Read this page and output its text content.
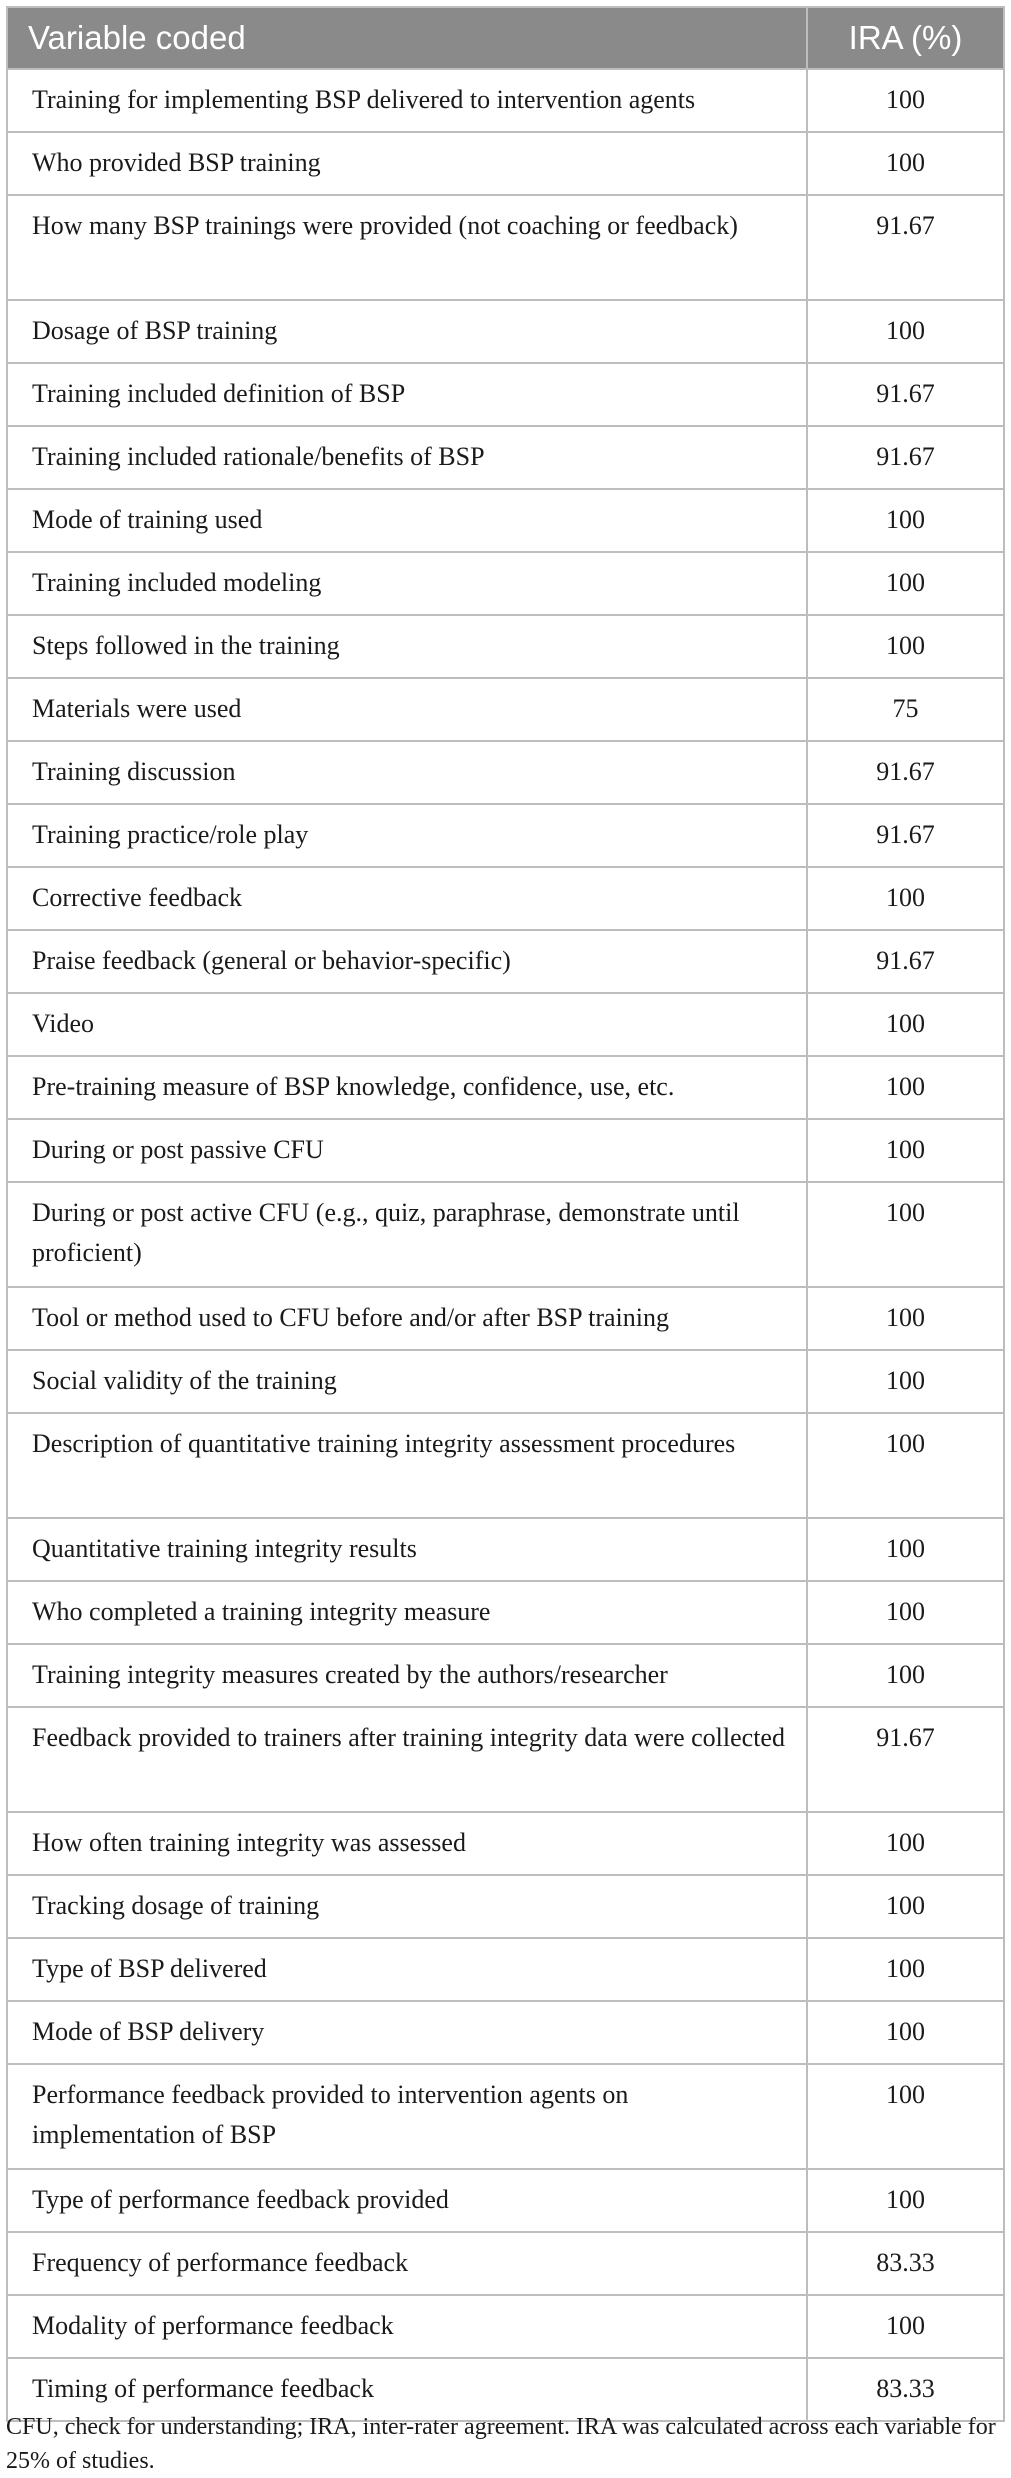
Variable coded	IRA (%)
Training for implementing BSP delivered to intervention agents	100
Who provided BSP training	100
How many BSP trainings were provided (not coaching or feedback)	91.67
Dosage of BSP training	100
Training included definition of BSP	91.67
Training included rationale/benefits of BSP	91.67
Mode of training used	100
Training included modeling	100
Steps followed in the training	100
Materials were used	75
Training discussion	91.67
Training practice/role play	91.67
Corrective feedback	100
Praise feedback (general or behavior-specific)	91.67
Video	100
Pre-training measure of BSP knowledge, confidence, use, etc.	100
During or post passive CFU	100
During or post active CFU (e.g., quiz, paraphrase, demonstrate until proficient)	100
Tool or method used to CFU before and/or after BSP training	100
Social validity of the training	100
Description of quantitative training integrity assessment procedures	100
Quantitative training integrity results	100
Who completed a training integrity measure	100
Training integrity measures created by the authors/researcher	100
Feedback provided to trainers after training integrity data were collected	91.67
How often training integrity was assessed	100
Tracking dosage of training	100
Type of BSP delivered	100
Mode of BSP delivery	100
Performance feedback provided to intervention agents on implementation of BSP	100
Type of performance feedback provided	100
Frequency of performance feedback	83.33
Modality of performance feedback	100
Timing of performance feedback	83.33

CFU, check for understanding; IRA, inter-rater agreement. IRA was calculated across each variable for 25% of studies.
